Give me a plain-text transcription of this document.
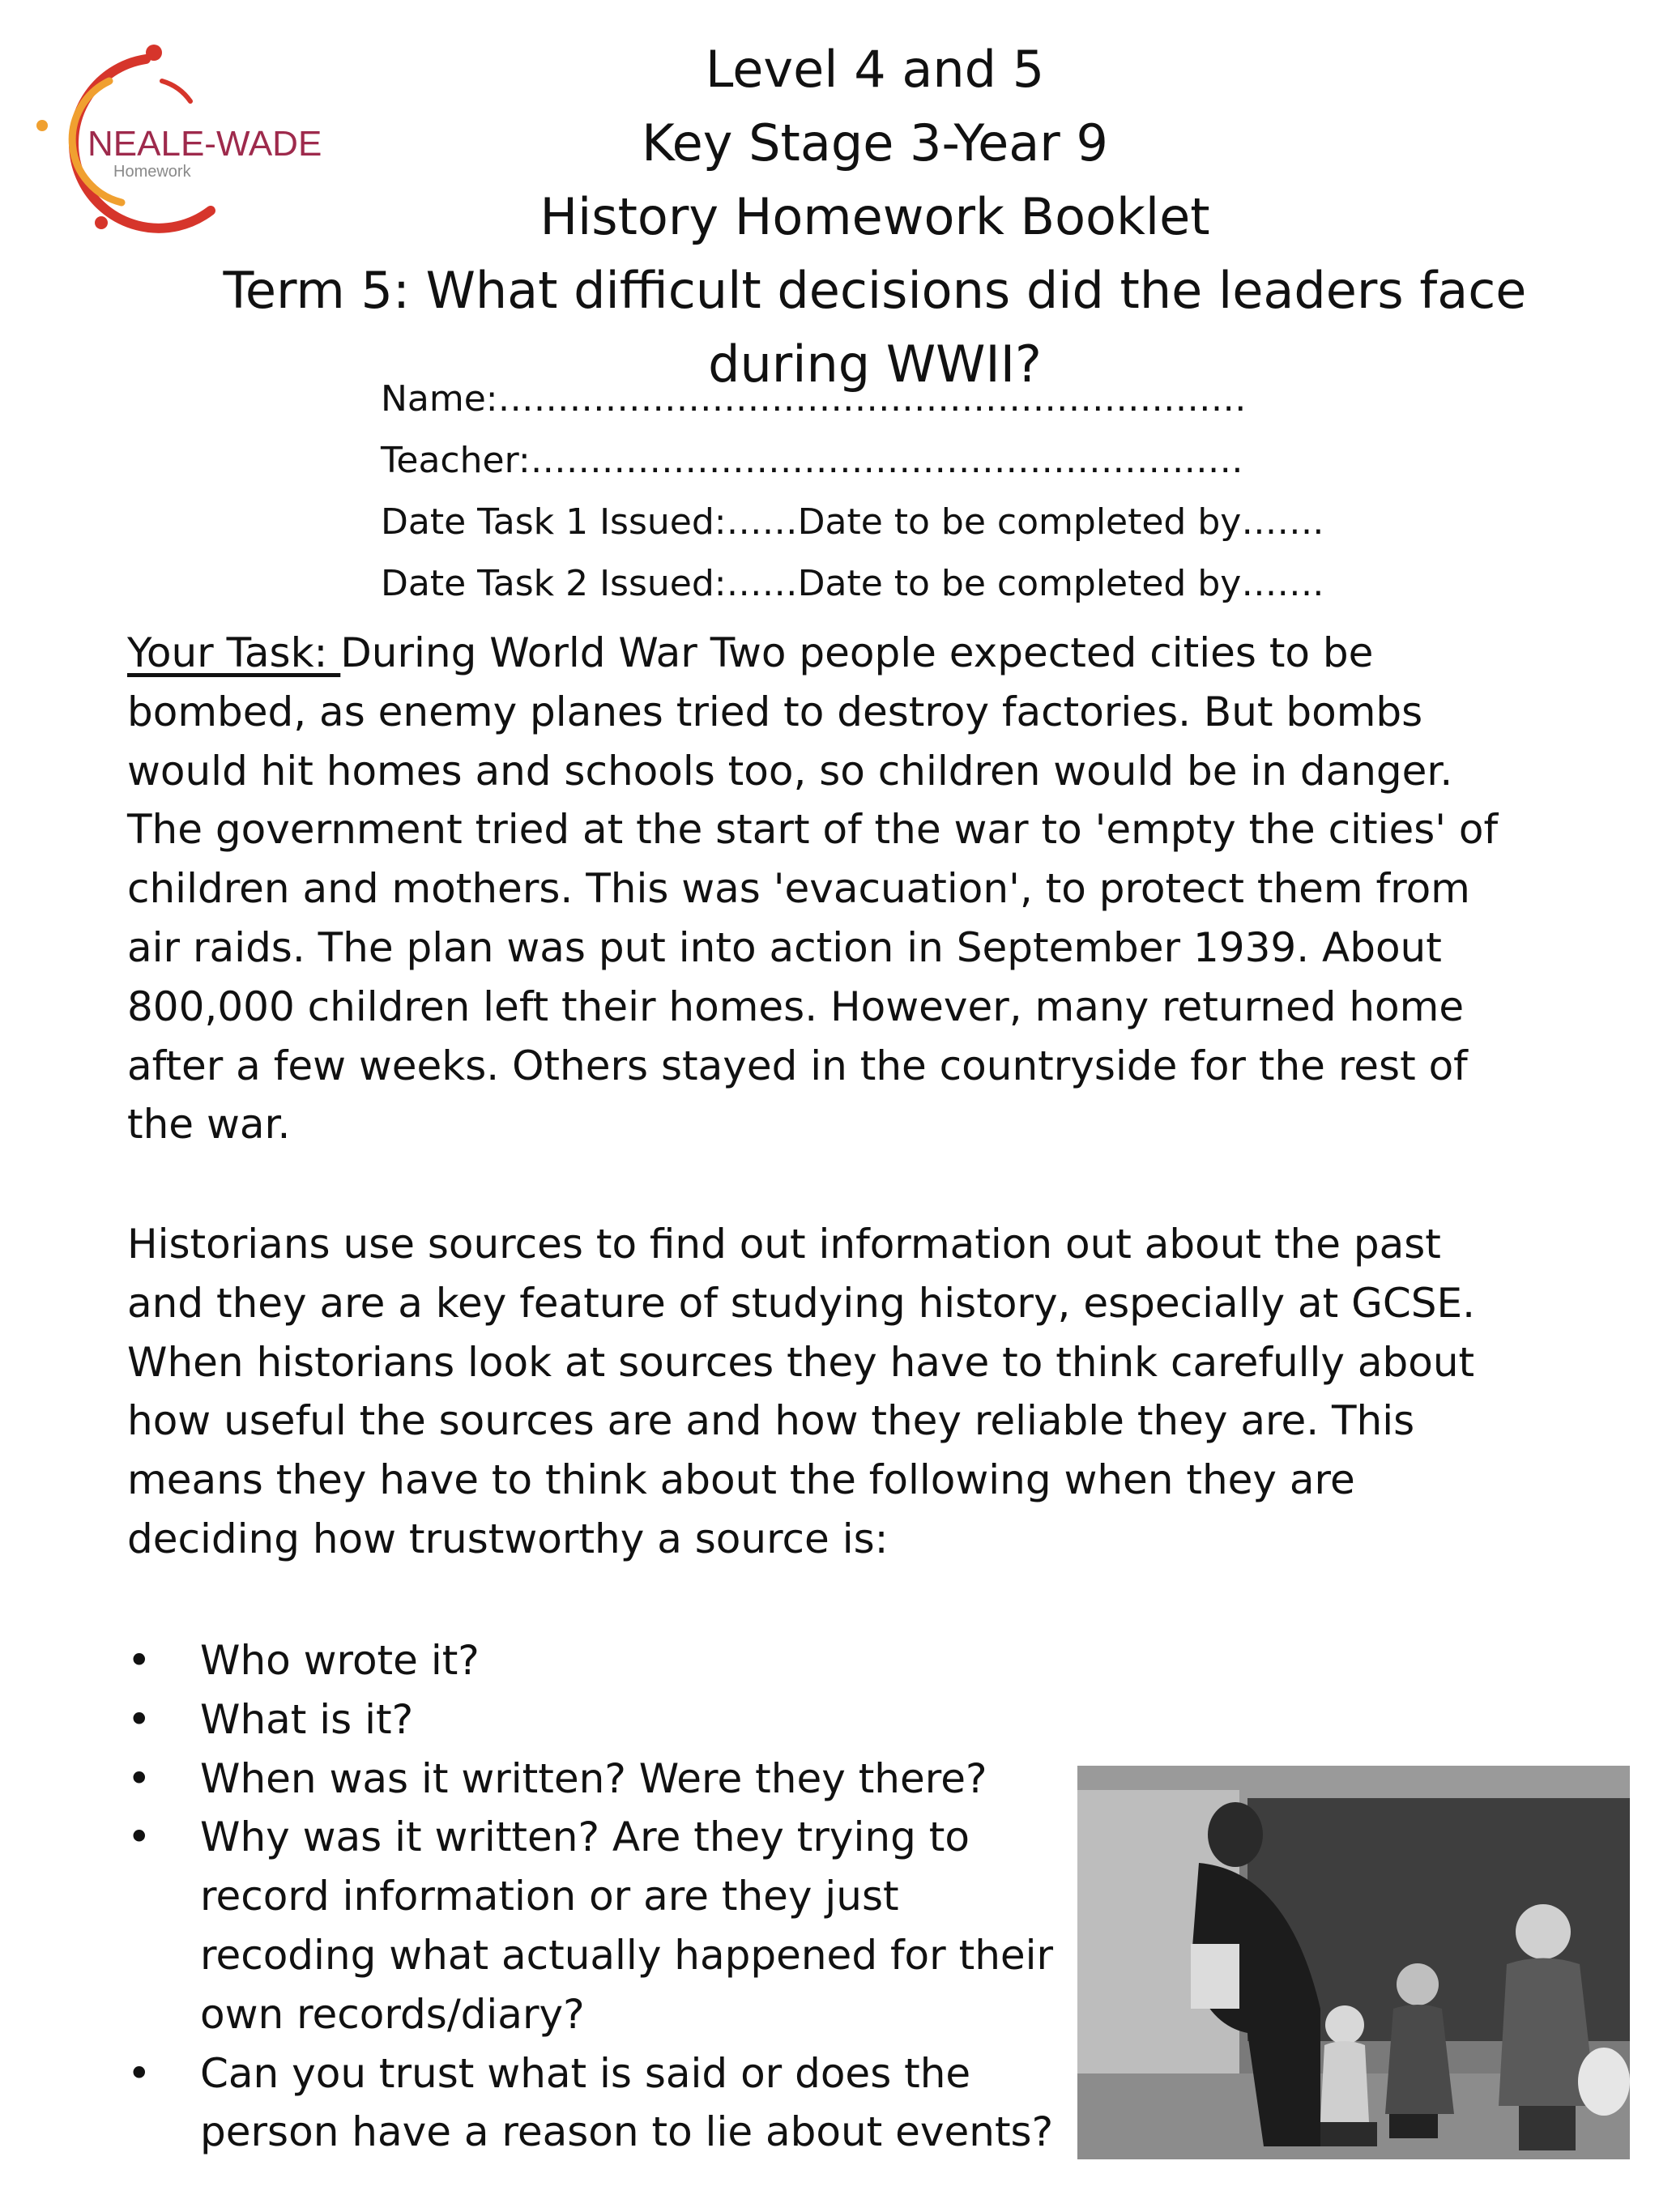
NEALE-WADE
Homework
Level 4 and 5
Key Stage 3-Year 9
History Homework Booklet
Term 5: What difficult decisions did the leaders face
during WWII?
Name:………………………………………………………
Teacher:……………………………………………………
Date Task 1 Issued:……Date to be completed by…….
Date Task 2 Issued:……Date to be completed by…….
Your Task: During World War Two people expected cities to be bombed, as enemy planes tried to destroy factories. But bombs would hit homes and schools too, so children would be in danger. The government tried at the start of the war to 'empty the cities' of children and mothers. This was 'evacuation', to protect them from air raids. The plan was put into action in September 1939. About 800,000 children left their homes. However, many returned home after a few weeks. Others stayed in the countryside for the rest of the war.
Historians use sources to find out information out about the past and they are a key feature of studying history, especially at GCSE. When historians look at sources they have to think carefully about how useful the sources are and how they reliable they are. This means they have to think about the following when they are deciding how trustworthy a source is:
• Who wrote it?
• What is it?
• When was it written? Were they there?
• Why was it written? Are they trying to record information or are they just recoding what actually happened for their own records/diary?
• Can you trust what is said or does the person have a reason to lie about events?
